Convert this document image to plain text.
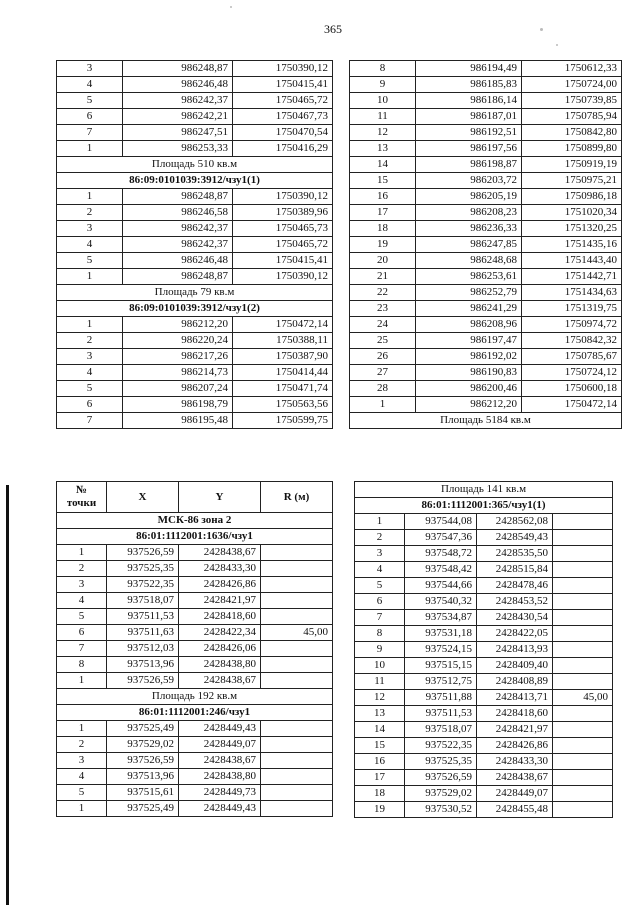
365
3	986248,87	1750390,12
4	986246,48	1750415,41
5	986242,37	1750465,72
6	986242,21	1750467,73
7	986247,51	1750470,54
1	986253,33	1750416,29
Площадь 510 кв.м		
86:09:0101039:3912/чзу1(1)		
1	986248,87	1750390,12
2	986246,58	1750389,96
3	986242,37	1750465,73
4	986242,37	1750465,72
5	986246,48	1750415,41
1	986248,87	1750390,12
Площадь 79 кв.м		
86:09:0101039:3912/чзу1(2)		
1	986212,20	1750472,14
2	986220,24	1750388,11
3	986217,26	1750387,90
4	986214,73	1750414,44
5	986207,24	1750471,74
6	986198,79	1750563,56
7	986195,48	1750599,75
8	986194,49	1750612,33
9	986185,83	1750724,00
10	986186,14	1750739,85
11	986187,01	1750785,94
12	986192,51	1750842,80
13	986197,56	1750899,80
14	986198,87	1750919,19
15	986203,72	1750975,21
16	986205,19	1750986,18
17	986208,23	1751020,34
18	986236,33	1751320,25
19	986247,85	1751435,16
20	986248,68	1751443,40
21	986253,61	1751442,71
22	986252,79	1751434,63
23	986241,29	1751319,75
24	986208,96	1750974,72
25	986197,47	1750842,32
26	986192,02	1750785,67
27	986190,83	1750724,12
28	986200,46	1750600,18
1	986212,20	1750472,14
Площадь 5184 кв.м		
№ точки	X	Y	R (м)
МСК-86 зона 2			
86:01:1112001:1636/чзу1			
1	937526,59	2428438,67	
2	937525,35	2428433,30	
3	937522,35	2428426,86	
4	937518,07	2428421,97	
5	937511,53	2428418,60	
6	937511,63	2428422,34	45,00
7	937512,03	2428426,06	
8	937513,96	2428438,80	
1	937526,59	2428438,67	
Площадь 192 кв.м			
86:01:1112001:246/чзу1			
1	937525,49	2428449,43	
2	937529,02	2428449,07	
3	937526,59	2428438,67	
4	937513,96	2428438,80	
5	937515,61	2428449,73	
1	937525,49	2428449,43	
Площадь 141 кв.м			
86:01:1112001:365/чзу1(1)			
1	937544,08	2428562,08	
2	937547,36	2428549,43	
3	937548,72	2428535,50	
4	937548,42	2428515,84	
5	937544,66	2428478,46	
6	937540,32	2428453,52	
7	937534,87	2428430,54	
8	937531,18	2428422,05	
9	937524,15	2428413,93	
10	937515,15	2428409,40	
11	937512,75	2428408,89	
12	937511,88	2428413,71	45,00
13	937511,53	2428418,60	
14	937518,07	2428421,97	
15	937522,35	2428426,86	
16	937525,35	2428433,30	
17	937526,59	2428438,67	
18	937529,02	2428449,07	
19	937530,52	2428455,48	
